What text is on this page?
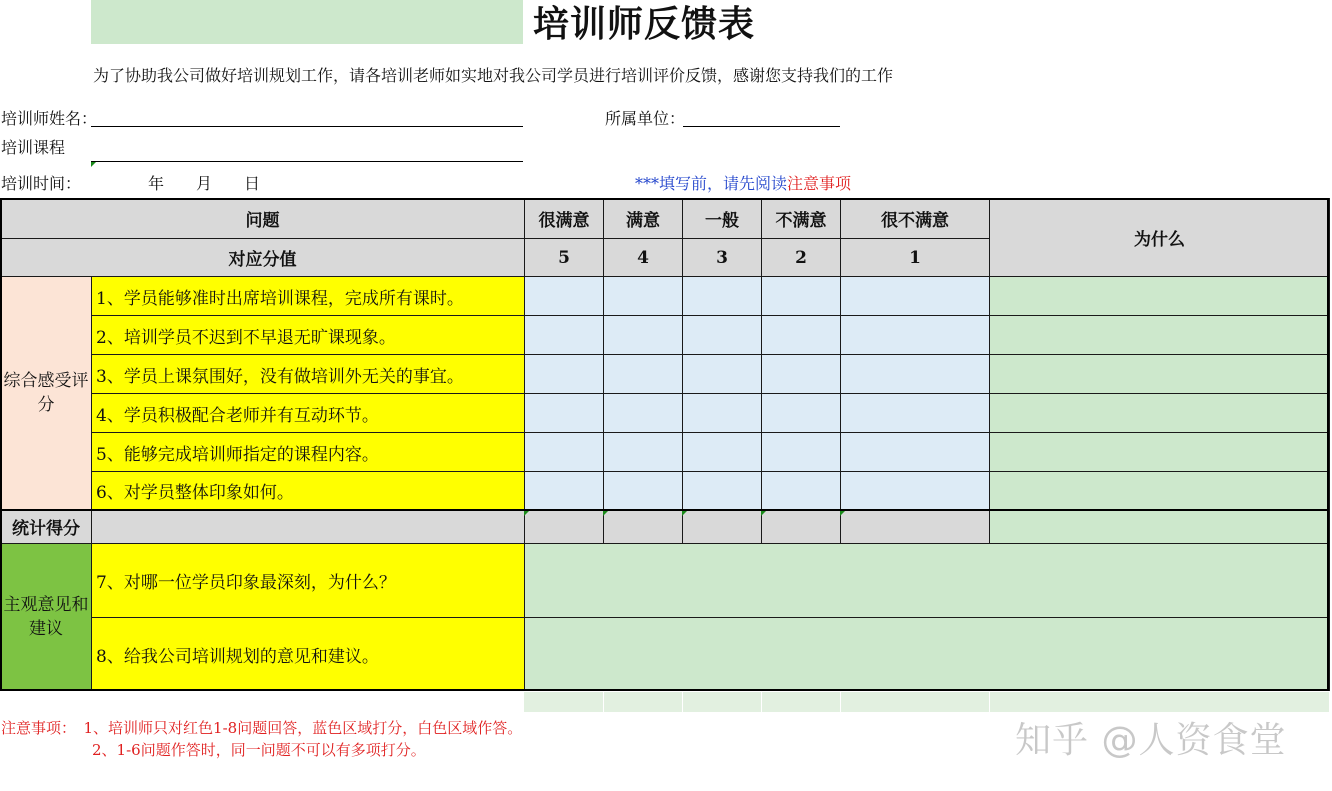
培训师反馈表
为了协助我公司做好培训规划工作，请各培训老师如实地对我公司学员进行培训评价反馈，感谢您支持我们的工作
培训师姓名：	所属单位：
培训课程
培训时间：	年　　月　　日	***填写前，请先阅读注意事项
问题		很满意	满意	一般	不满意	很不满意	为什么
对应分值		5	4	3	2	1	
综合感受评分	1、学员能够准时出席培训课程，完成所有课时。						
	2、培训学员不迟到不早退无旷课现象。						
	3、学员上课氛围好，没有做培训外无关的事宜。						
	4、学员积极配合老师并有互动环节。						
	5、能够完成培训师指定的课程内容。						
	6、对学员整体印象如何。						
统计得分							
主观意见和建议	7、对哪一位学员印象最深刻，为什么？						
	8、给我公司培训规划的意见和建议。						
注意事项：　1、培训师只对红色1-8问题回答，蓝色区域打分，白色区域作答。
2、1-6问题作答时，同一问题不可以有多项打分。	知乎 @人资食堂
